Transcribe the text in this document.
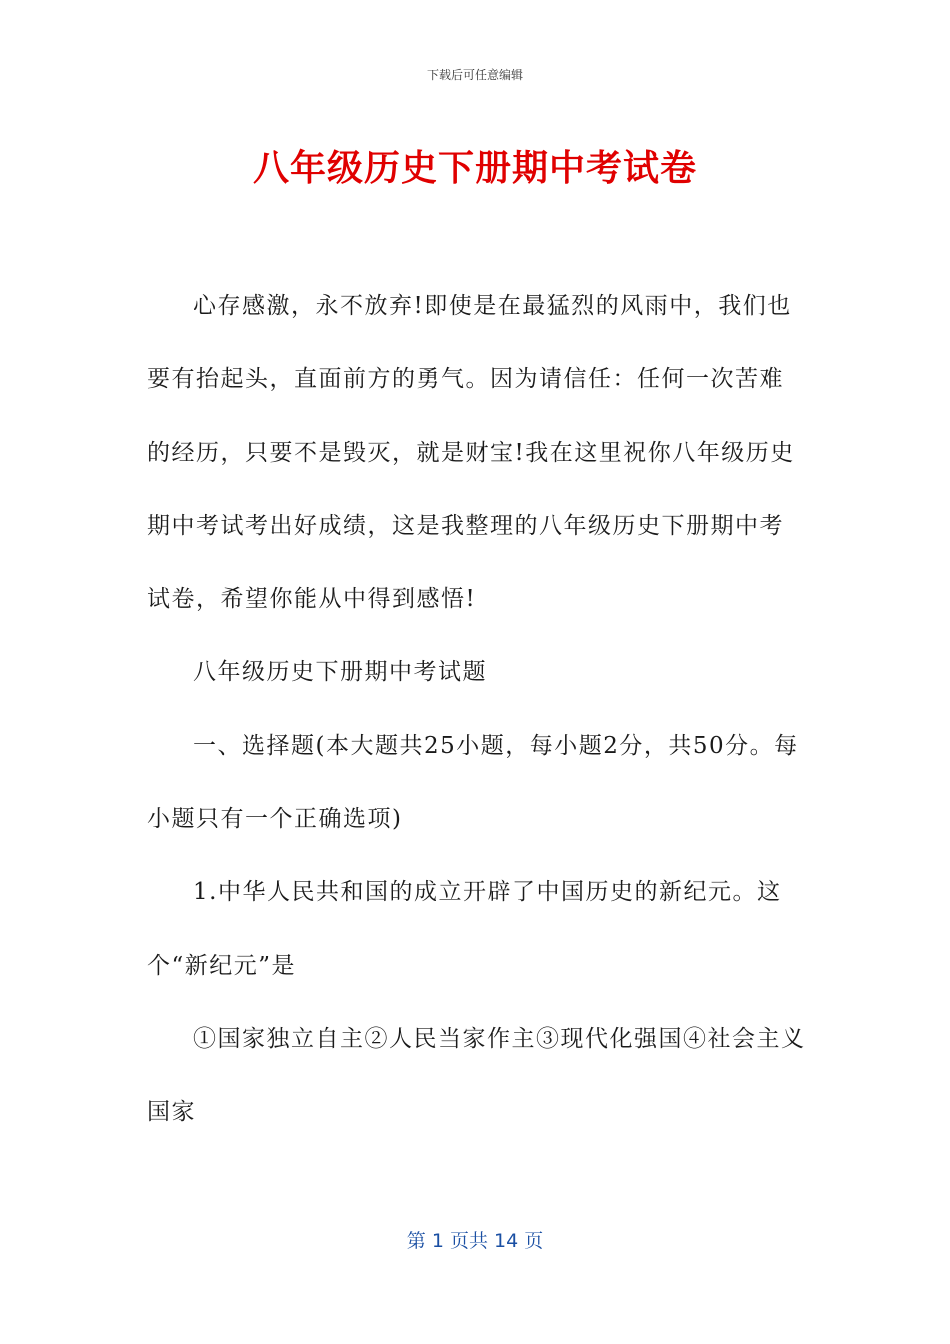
下载后可任意编辑
八年级历史下册期中考试卷

心存感激，永不放弃!即使是在最猛烈的风雨中，我们也要有抬起头，直面前方的勇气。因为请信任：任何一次苦难的经历，只要不是毁灭，就是财宝!我在这里祝你八年级历史期中考试考出好成绩，这是我整理的八年级历史下册期中考试卷，希望你能从中得到感悟!

八年级历史下册期中考试题

一、选择题(本大题共25小题，每小题2分，共50分。每小题只有一个正确选项)

1.中华人民共和国的成立开辟了中国历史的新纪元。这个“新纪元”是

①国家独立自主②人民当家作主③现代化强国④社会主义国家

第 1 页共 14 页
